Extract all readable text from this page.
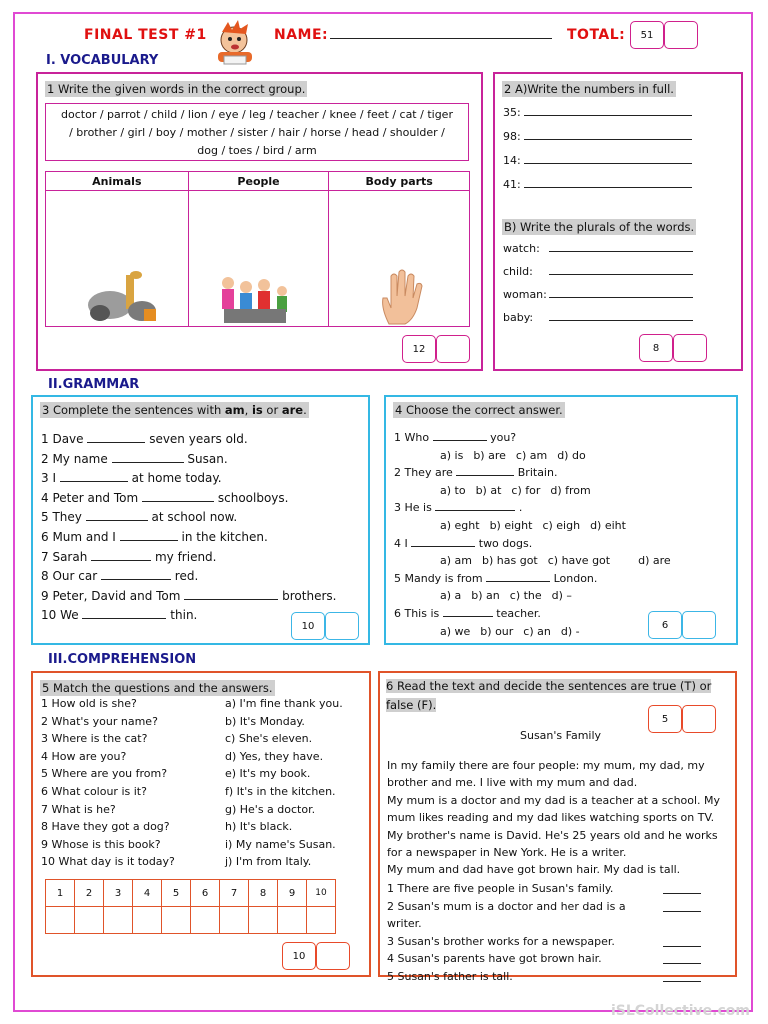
FINAL TEST #1	NAME:	TOTAL:	51
I. VOCABULARY
1 Write the given words in the correct group.
doctor / parrot / child / lion / eye / leg / teacher / knee / feet / cat / tiger / brother / girl / boy / mother / sister / hair / horse / head / shoulder / dog / toes / bird / arm
Animals	People	Body parts

12
2 A)Write the numbers in full.
35:
98:
14:
41:
B) Write the plurals of the words.
watch:
child:
woman:
baby:
8
II.GRAMMAR
3 Complete the sentences with am, is or are.
1 Dave	seven years old.
2 My name	Susan.
3 I	at home today.
4 Peter and Tom	schoolboys.
5 They	at school now.
6 Mum and I	in the kitchen.
7 Sarah	my friend.
8 Our car	red.
9 Peter, David and Tom	brothers.
10 We	thin.
10
4 Choose the correct answer.
1 Who	you?
a) is b) are c) am d) do
2 They are	Britain.
a) to b) at c) for d) from
3 He is	.
a) eght b) eight c) eigh d) eiht
4 I	two dogs.
a) am b) has got c) have got	d) are
5 Mandy is from	London.
a) a b) an c) the d) –
6 This is	teacher.
a) we b) our c) an d) -	6
III.COMPREHENSION
5 Match the questions and the answers.
1 How old is she?
2 What's your name?
3 Where is the cat?
4 How are you?
5 Where are you from?
6 What colour is it?
7 What is he?
8 Have they got a dog?
9 Whose is this book?
10 What day is it today?
a) I'm fine thank you.
b) It's Monday.
c) She's eleven.
d) Yes, they have.
e) It's my book.
f) It's in the kitchen.
g) He's a doctor.
h) It's black.
i) My name's Susan.
j) I'm from Italy.
1	2	3	4	5	6	7	8	9	10

10
6 Read the text and decide the sentences are true (T) or false (F).
5
Susan's Family
In my family there are four people: my mum, my dad, my brother and me. I live with my mum and dad.
My mum is a doctor and my dad is a teacher at a school. My mum likes reading and my dad likes watching sports on TV. My brother's name is David. He's 25 years old and he works for a newspaper in New York. He is a writer.
My mum and dad have got brown hair. My dad is tall.
1 There are five people in Susan's family.
2 Susan's mum is a doctor and her dad is a writer.
3 Susan's brother works for a newspaper.
4 Susan's parents have got brown hair.
5 Susan's father is tall.
iSLCollective.com
